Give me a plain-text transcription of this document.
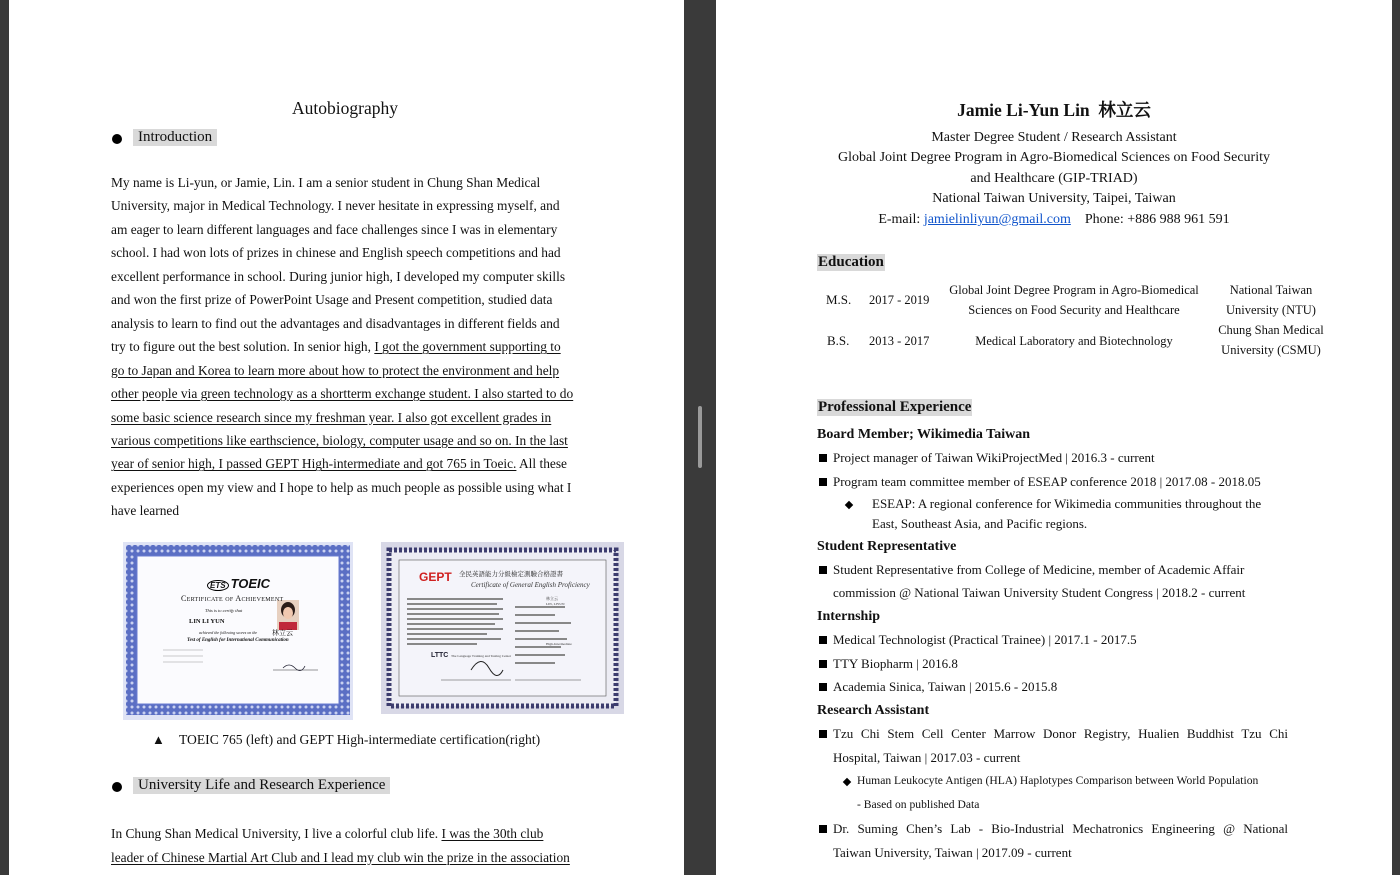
Autobiography
Introduction
My name is Li-yun, or Jamie, Lin. I am a senior student in Chung Shan Medical
University, major in Medical Technology. I never hesitate in expressing myself, and
am eager to learn different languages and face challenges since I was in elementary
school. I had won lots of prizes in chinese and English speech competitions and had
excellent performance in school. During junior high, I developed my computer skills
and won the first prize of PowerPoint Usage and Present competition, studied data
analysis to learn to find out the advantages and disadvantages in different fields and
try to figure out the best solution. In senior high, I got the government supporting to
go to Japan and Korea to learn more about how to protect the environment and help
other people via green technology as a shortterm exchange student. I also started to do
some basic science research since my freshman year. I also got excellent grades in
various competitions like earthscience, biology, computer usage and so on. In the last
year of senior high, I passed GEPT High-intermediate and got 765 in Toeic. All these
experiences open my view and I hope to help as much people as possible using what I
have learned
ETS TOEIC
Certificate of Achievement
This is to certify that
LIN LI YUN
achieved the following scores on the
Test of English for International Communication
林立云
GEPT 全民英語能力分級檢定測驗合格證書
Certificate of General English Proficiency
LTTC The Language Training and Testing Center
林立云
LIN, LIYUN
High-Intermediate
▲ TOEIC 765 (left) and GEPT High-intermediate certification(right)
University Life and Research Experience
In Chung Shan Medical University, I live a colorful club life. I was the 30th club
leader of Chinese Martial Art Club and I lead my club win the prize in the association
Jamie Li-Yun Lin 林立云
Master Degree Student / Research Assistant
Global Joint Degree Program in Agro-Biomedical Sciences on Food Security
and Healthcare (GIP-TRIAD)
National Taiwan University, Taipei, Taiwan
E-mail: jamielinliyun@gmail.com Phone: +886 988 961 591
Education
M.S. 2017 - 2019
Global Joint Degree Program in Agro-Biomedical
Sciences on Food Security and Healthcare
National Taiwan
University (NTU)
B.S. 2013 - 2017	Medical Laboratory and Biotechnology
Chung Shan Medical
University (CSMU)
Professional Experience
Board Member; Wikimedia Taiwan
Project manager of Taiwan WikiProjectMed | 2016.3 - current
Program team committee member of ESEAP conference 2018 | 2017.08 - 2018.05
ESEAP: A regional conference for Wikimedia communities throughout the
East, Southeast Asia, and Pacific regions.
Student Representative
Student Representative from College of Medicine, member of Academic Affair
commission @ National Taiwan University Student Congress | 2018.2 - current
Internship
Medical Technologist (Practical Trainee) | 2017.1 - 2017.5
TTY Biopharm | 2016.8
Academia Sinica, Taiwan | 2015.6 - 2015.8
Research Assistant
Tzu Chi Stem Cell Center Marrow Donor Registry, Hualien Buddhist Tzu Chi
Hospital, Taiwan | 2017.03 - current
Human Leukocyte Antigen (HLA) Haplotypes Comparison between World Population
- Based on published Data
Dr. Suming Chen’s Lab - Bio-Industrial Mechatronics Engineering @ National
Taiwan University, Taiwan | 2017.09 - current
